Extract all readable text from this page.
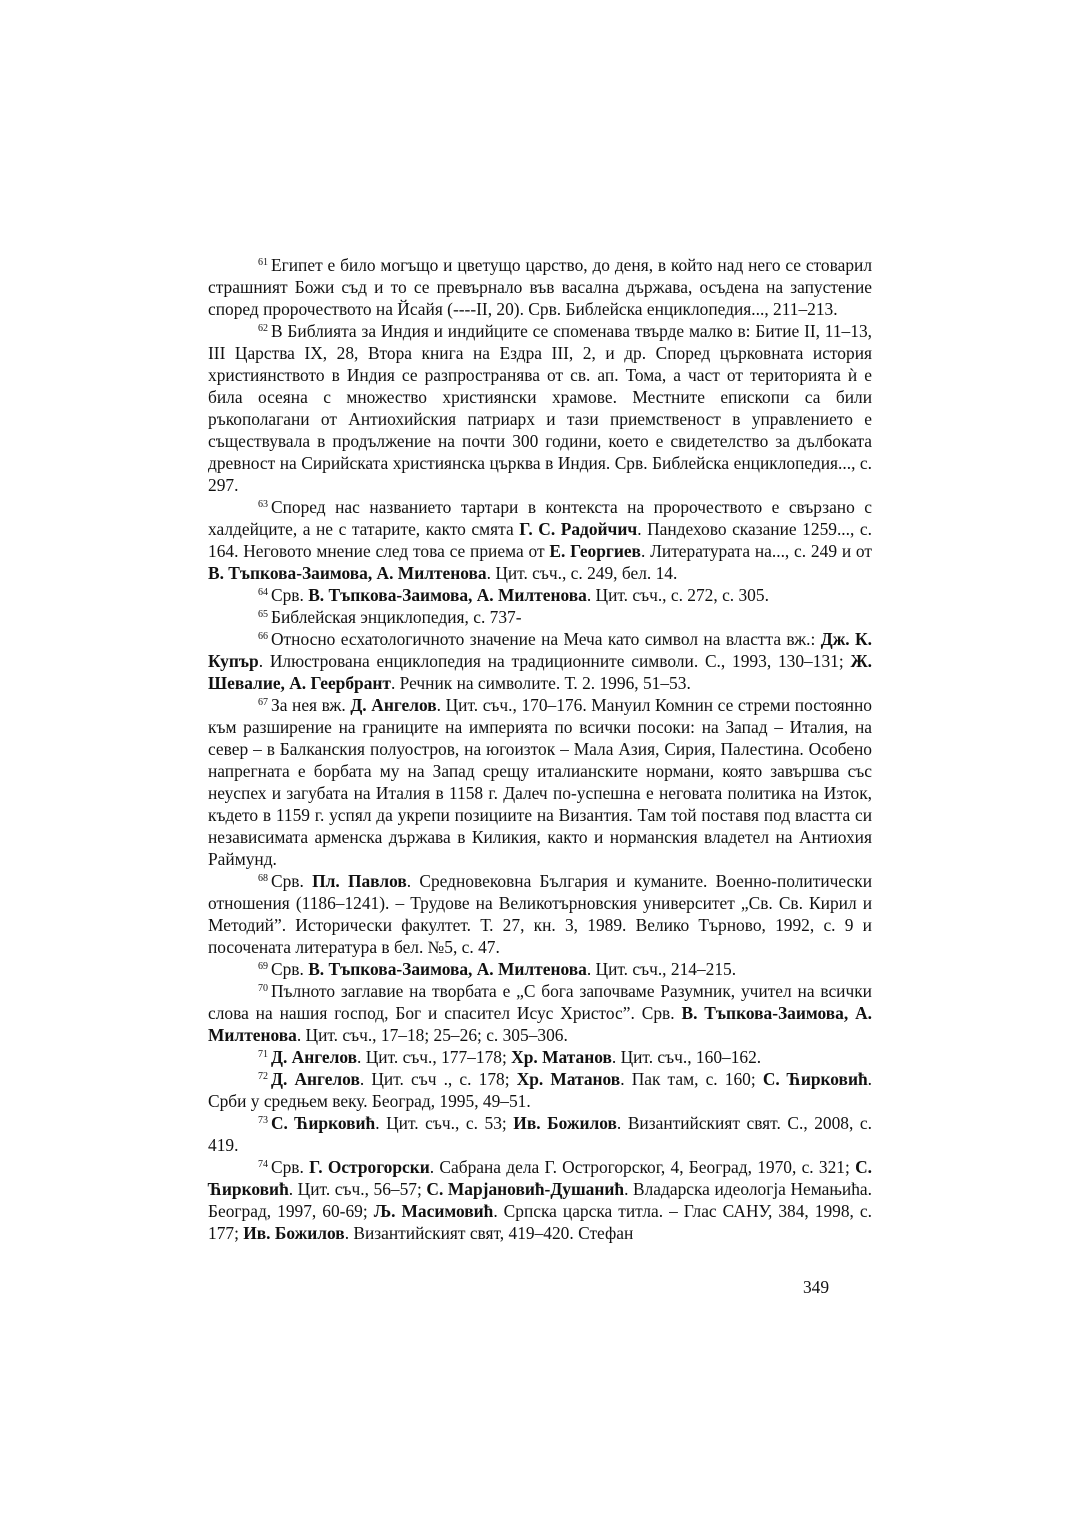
$^{61}$ Египет е било могъщо и цветущо царство, до деня, в който над него се стоварил страшният Божи съд и то се превърнало във васална държава, осъдена на запустение според пророчеството на Йсайя (----II, 20). Срв. Библейска енциклопедия..., 211–213.

$^{62}$ В Библията за Индия и индийците се споменава твърде малко в: Битие II, 11–13, III Царства IX, 28, Втора книга на Ездра III, 2, и др. Според църковната история християнството в Индия се разпространява от св. ап. Тома, а част от територията ѝ е била осеяна с множество християнски храмове. Местните епископи са били ръкополагани от Антиохийския патриарх и тази приемственост в управлението е съществувала в продължение на почти 300 години, което е свидетелство за дълбоката древност на Сирийската християнска църква в Индия. Срв. Библейска енциклопедия..., с. 297.

$^{63}$ Според нас названието тартари в контекста на пророчеството е свързано с халдейците, а не с татарите, както смята Г. С. Радойчич. Пандехово сказание 1259..., с. 164. Неговото мнение след това се приема от Е. Георгиев. Литературата на..., с. 249 и от В. Тъпкова-Заимова, А. Милтенова. Цит. съч., с. 249, бел. 14.

$^{64}$ Срв. В. Тъпкова-Заимова, А. Милтенова. Цит. съч., с. 272, с. 305.

$^{65}$ Библейская энциклопедия, с. 737-

$^{66}$ Относно есхатологичното значение на Меча като символ на властта вж.: Дж. К. Купър. Илюстрована енциклопедия на традиционните символи. С., 1993, 130–131; Ж. Шевалие, А. Геербрант. Речник на символите. Т. 2. 1996, 51–53.

$^{67}$ За нея вж. Д. Ангелов. Цит. съч., 170–176. Мануил Комнин се стреми постоянно към разширение на границите на империята по всички посоки: на Запад – Италия, на север – в Балканския полуостров, на югоизток – Мала Азия, Сирия, Палестина. Особено напрегната е борбата му на Запад срещу италианските нормани, която завършва със неуспех и загубата на Италия в 1158 г. Далеч по-успешна е неговата политика на Изток, където в 1159 г. успял да укрепи позициите на Византия. Там той поставя под властта си независимата арменска държава в Киликия, както и норманския владетел на Антиохия Раймунд.

$^{68}$ Срв. Пл. Павлов. Средновековна България и куманите. Военно-политически отношения (1186–1241). – Трудове на Великотърновския университет „Св. Св. Кирил и Методий”. Исторически факултет. Т. 27, кн. 3, 1989. Велико Търново, 1992, с. 9 и посочената литература в бел. №5, с. 47.

$^{69}$ Срв. В. Тъпкова-Заимова, А. Милтенова. Цит. съч., 214–215.

$^{70}$ Пълното заглавие на творбата е „С бога започваме Разумник, учител на всички слова на нашия господ, Бог и спасител Исус Христос”. Срв. В. Тъпкова-Заимова, А. Милтенова. Цит. съч., 17–18; 25–26; с. 305–306.

$^{71}$ Д. Ангелов. Цит. съч., 177–178; Хр. Матанов. Цит. съч., 160–162.

$^{72}$ Д. Ангелов. Цит. съч ., с. 178; Хр. Матанов. Пак там, с. 160; С. Ћирковић. Срби у средњем веку. Београд, 1995, 49–51.

$^{73}$ С. Ћирковић. Цит. съч., с. 53; Ив. Божилов. Византийският свят. С., 2008, с. 419.

$^{74}$ Срв. Г. Острогорски. Сабрана дела Г. Острогорског, 4, Београд, 1970, с. 321; С. Ћирковић. Цит. съч., 56–57; С. Марјановић-Душанић. Владарска идеологја Немањића. Београд, 1997, 60-69; Љ. Масимовић. Српска царска титла. – Глас САНУ, 384, 1998, с. 177; Ив. Божилов. Византийският свят, 419–420. Стефан

349
